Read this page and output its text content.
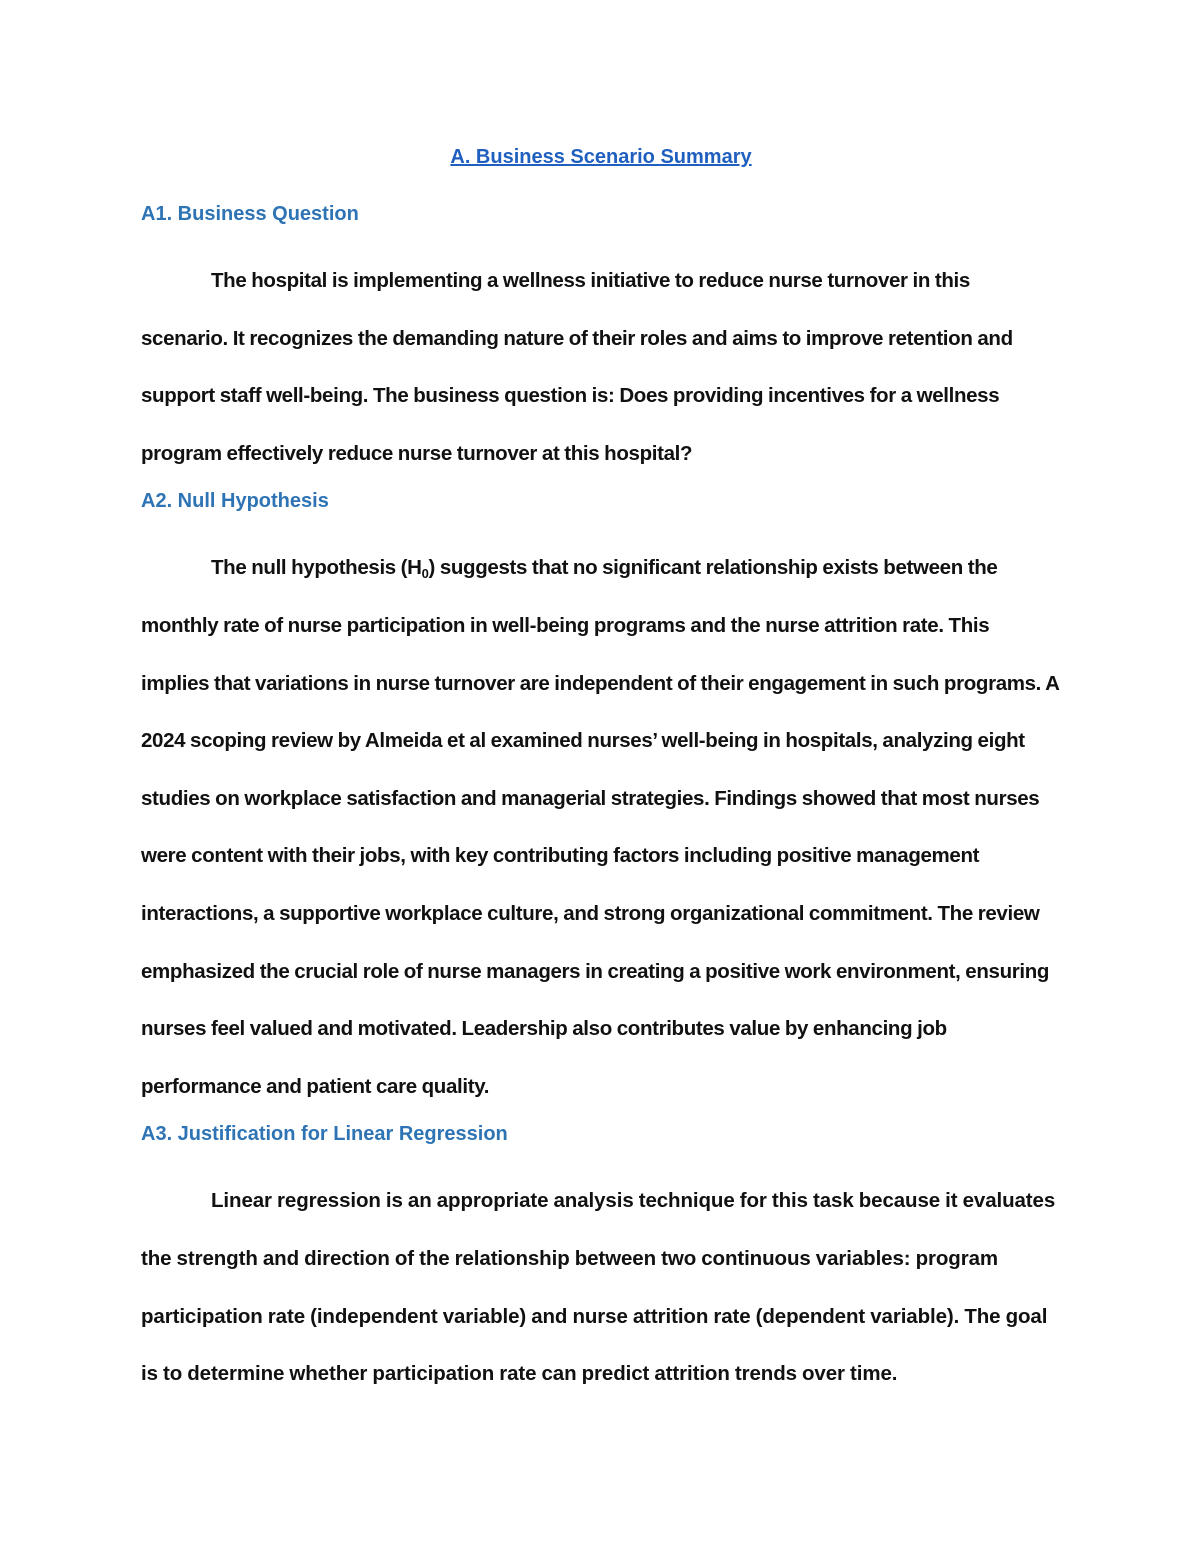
A. Business Scenario Summary
A1. Business Question

The hospital is implementing a wellness initiative to reduce nurse turnover in this scenario. It recognizes the demanding nature of their roles and aims to improve retention and support staff well-being. The business question is: Does providing incentives for a wellness program effectively reduce nurse turnover at this hospital?

A2. Null Hypothesis

The null hypothesis $(H_0)$ suggests that no significant relationship exists between the monthly rate of nurse participation in well-being programs and the nurse attrition rate. This implies that variations in nurse turnover are independent of their engagement in such programs. A 2024 scoping review by Almeida et al examined nurses’ well-being in hospitals, analyzing eight studies on workplace satisfaction and managerial strategies. Findings showed that most nurses were content with their jobs, with key contributing factors including positive management interactions, a supportive workplace culture, and strong organizational commitment. The review emphasized the crucial role of nurse managers in creating a positive work environment, ensuring nurses feel valued and motivated. Leadership also contributes value by enhancing job performance and patient care quality.

A3. Justification for Linear Regression

Linear regression is an appropriate analysis technique for this task because it evaluates the strength and direction of the relationship between two continuous variables: program participation rate (independent variable) and nurse attrition rate (dependent variable). The goal is to determine whether participation rate can predict attrition trends over time.
